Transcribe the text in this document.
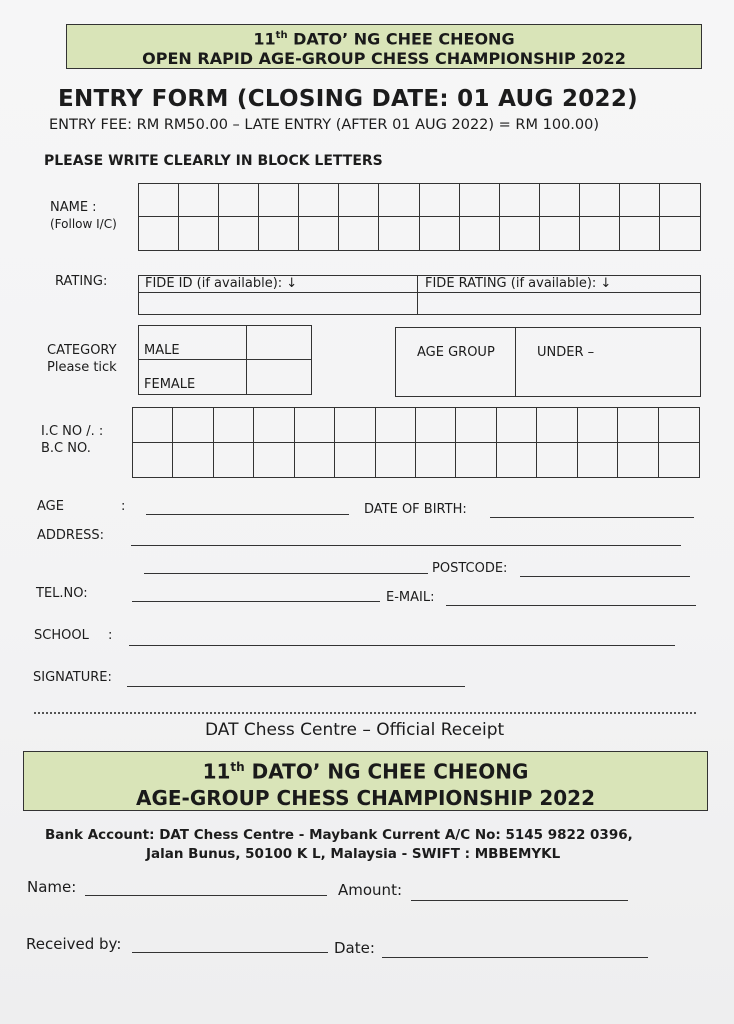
11th DATO’ NG CHEE CHEONG
OPEN RAPID AGE-GROUP CHESS CHAMPIONSHIP 2022
ENTRY FORM (CLOSING DATE: 01 AUG 2022)
ENTRY FEE: RM RM50.00 – LATE ENTRY (AFTER 01 AUG 2022) = RM 100.00)
PLEASE WRITE CLEARLY IN BLOCK LETTERS
NAME :
(Follow I/C)
RATING:	FIDE ID (if available): ↓	FIDE RATING (if available): ↓
CATEGORY
Please tick
MALE
FEMALE
AGE GROUP	UNDER –
I.C NO /. :
B.C NO.
AGE	:	DATE OF BIRTH:
ADDRESS:
POSTCODE:
TEL.NO:	E-MAIL:
SCHOOL :
SIGNATURE:
DAT Chess Centre – Official Receipt
11th DATO’ NG CHEE CHEONG
AGE-GROUP CHESS CHAMPIONSHIP 2022
Bank Account: DAT Chess Centre - Maybank Current A/C No: 5145 9822 0396,
Jalan Bunus, 50100 K L, Malaysia - SWIFT : MBBEMYKL
Name:	Amount:
Received by:	Date:
